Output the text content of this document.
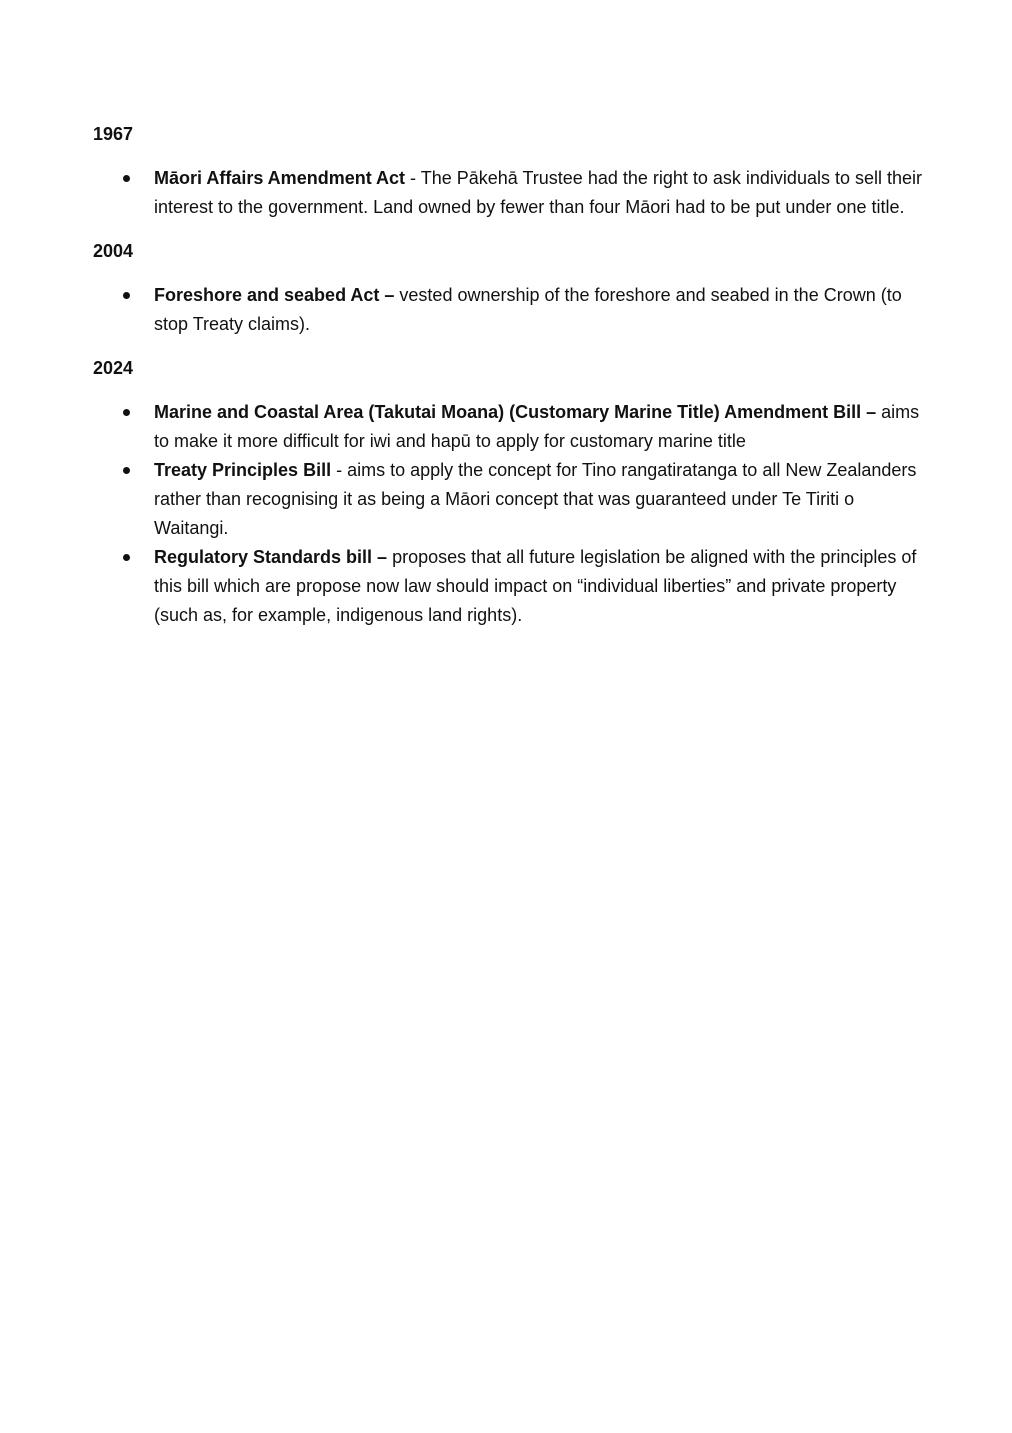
1967

Māori Affairs Amendment Act - The Pākehā Trustee had the right to ask individuals to sell their interest to the government. Land owned by fewer than four Māori had to be put under one title.

2004

Foreshore and seabed Act – vested ownership of the foreshore and seabed in the Crown (to stop Treaty claims).

2024

Marine and Coastal Area (Takutai Moana) (Customary Marine Title) Amendment Bill – aims to make it more difficult for iwi and hapū to apply for customary marine title
Treaty Principles Bill - aims to apply the concept for Tino rangatiratanga to all New Zealanders rather than recognising it as being a Māori concept that was guaranteed under Te Tiriti o Waitangi.
Regulatory Standards bill – proposes that all future legislation be aligned with the principles of this bill which are propose now law should impact on “individual liberties” and private property (such as, for example, indigenous land rights).
